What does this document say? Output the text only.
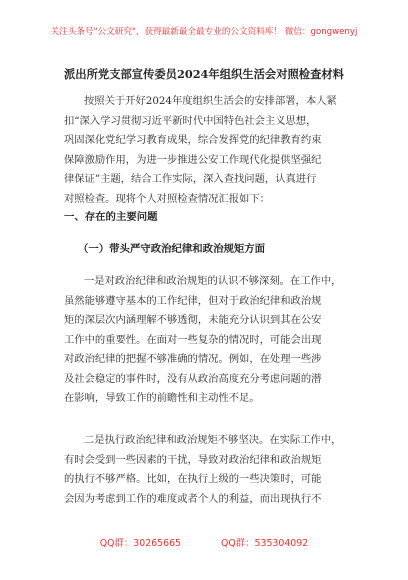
关注头条号"公文研究"，获得最新最全最专业的公文资料库！ 微信：gongwenyj
派出所党支部宣传委员2024年组织生活会对照检查材料
按照关于开好2024年度组织生活会的安排部署，本人紧
扣“深入学习贯彻习近平新时代中国特色社会主义思想，
巩固深化党纪学习教育成果，综合发挥党的纪律教育约束
保障激励作用，为进一步推进公安工作现代化提供坚强纪
律保证”主题，结合工作实际，深入查找问题，认真进行
对照检查。现将个人对照检查情况汇报如下：
一、存在的主要问题
（一）带头严守政治纪律和政治规矩方面
一是对政治纪律和政治规矩的认识不够深刻。在工作中，
虽然能够遵守基本的工作纪律，但对于政治纪律和政治规
矩的深层次内涵理解不够透彻，未能充分认识到其在公安
工作中的重要性。在面对一些复杂的情况时，可能会出现
对政治纪律的把握不够准确的情况。例如，在处理一些涉
及社会稳定的事件时，没有从政治高度充分考虑问题的潜
在影响，导致工作的前瞻性和主动性不足。
二是执行政治纪律和政治规矩不够坚决。在实际工作中，
有时会受到一些因素的干扰，导致对政治纪律和政治规矩
的执行不够严格。比如，在执行上级的一些决策时，可能
会因为考虑到工作的难度或者个人的利益，而出现执行不
QQ群：30265665	QQ群：535304092
